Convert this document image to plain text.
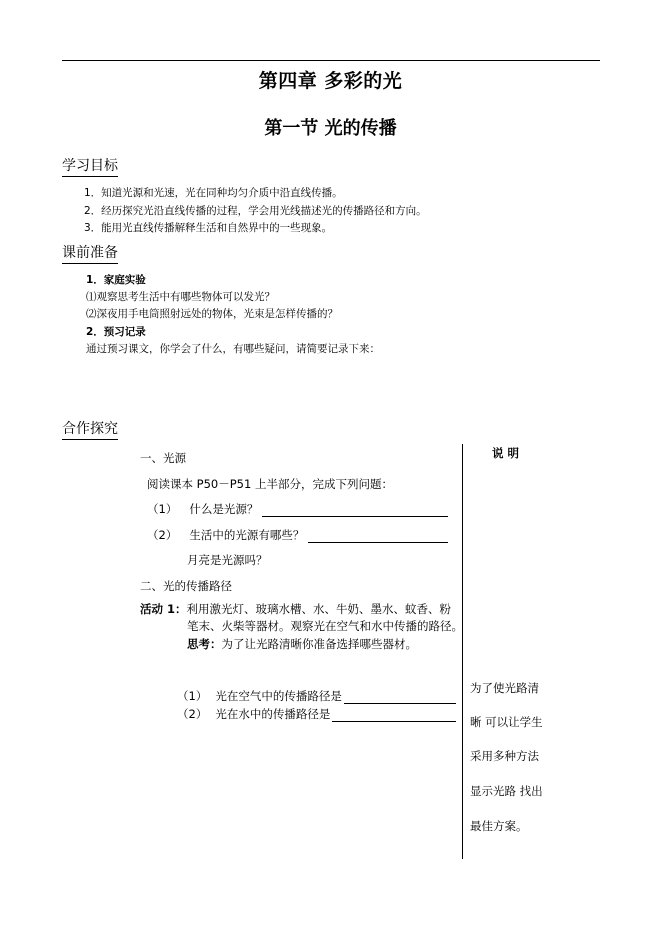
第四章 多彩的光
第一节 光的传播
学习目标
1．知道光源和光速，光在同种均匀介质中沿直线传播。
2．经历探究光沿直线传播的过程，学会用光线描述光的传播路径和方向。
3．能用光直线传播解释生活和自然界中的一些现象。
课前准备
1．家庭实验
⑴观察思考生活中有哪些物体可以发光？
⑵深夜用手电筒照射远处的物体，光束是怎样传播的？
2．预习记录
通过预习课文，你学会了什么，有哪些疑问，请简要记录下来：
合作探究
说 明
一、光源
阅读课本 P50－P51 上半部分，完成下列问题：
（1） 什么是光源？
（2） 生活中的光源有哪些？
月亮是光源吗？
二、光的传播路径
活动 1：利用激光灯、玻璃水槽、水、牛奶、墨水、蚊香、粉
笔末、火柴等器材。观察光在空气和水中传播的路径。
思考：为了让光路清晰你准备选择哪些器材。
（1） 光在空气中的传播路径是
（2） 光在水中的传播路径是
为了使光路清
晰 可以让学生
采用多种方法
显示光路 找出
最佳方案。
